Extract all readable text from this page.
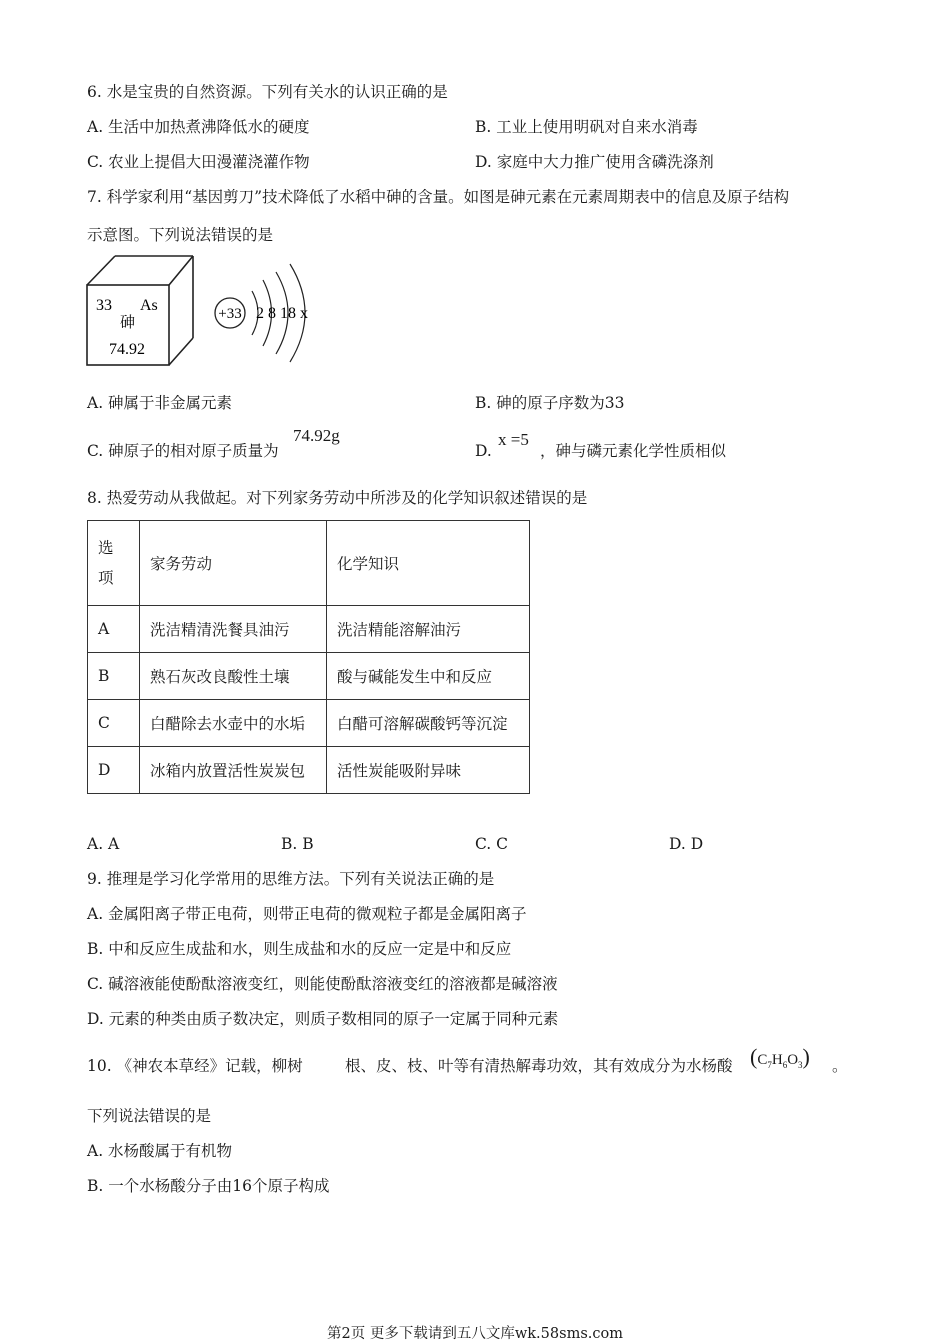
6. 水是宝贵的自然资源。下列有关水的认识正确的是
A. 生活中加热煮沸降低水的硬度	B. 工业上使用明矾对自来水消毒
C. 农业上提倡大田漫灌浇灌作物	D. 家庭中大力推广使用含磷洗涤剂
7. 科学家利用“基因剪刀”技术降低了水稻中砷的含量。如图是砷元素在元素周期表中的信息及原子结构
示意图。下列说法错误的是
33 As
砷
74.92
+33 2 8 18 x
A. 砷属于非金属元素	B. 砷的原子序数为33
C. 砷原子的相对原子质量为
74.92g
D.
x =5
，砷与磷元素化学性质相似
8. 热爱劳动从我做起。对下列家务劳动中所涉及的化学知识叙述错误的是
选
项	家务劳动	化学知识
A	洗洁精清洗餐具油污	洗洁精能溶解油污
B	熟石灰改良酸性土壤	酸与碱能发生中和反应
C	白醋除去水壶中的水垢	白醋可溶解碳酸钙等沉淀
D	冰箱内放置活性炭炭包	活性炭能吸附异味
A. A	B. B	C. C	D. D
9. 推理是学习化学常用的思维方法。下列有关说法正确的是
A. 金属阳离子带正电荷，则带正电荷的微观粒子都是金属阳离子
B. 中和反应生成盐和水，则生成盐和水的反应一定是中和反应
C. 碱溶液能使酚酞溶液变红，则能使酚酞溶液变红的溶液都是碱溶液
D. 元素的种类由质子数决定，则质子数相同的原子一定属于同种元素
10. 《神农本草经》记载，柳树	根、皮、枝、叶等有清热解毒功效，其有效成分为水杨酸 $(C_7H_6O_3)$ 。
下列说法错误的是
A. 水杨酸属于有机物
B. 一个水杨酸分子由16个原子构成
第2页 更多下载请到五八文库wk.58sms.com
